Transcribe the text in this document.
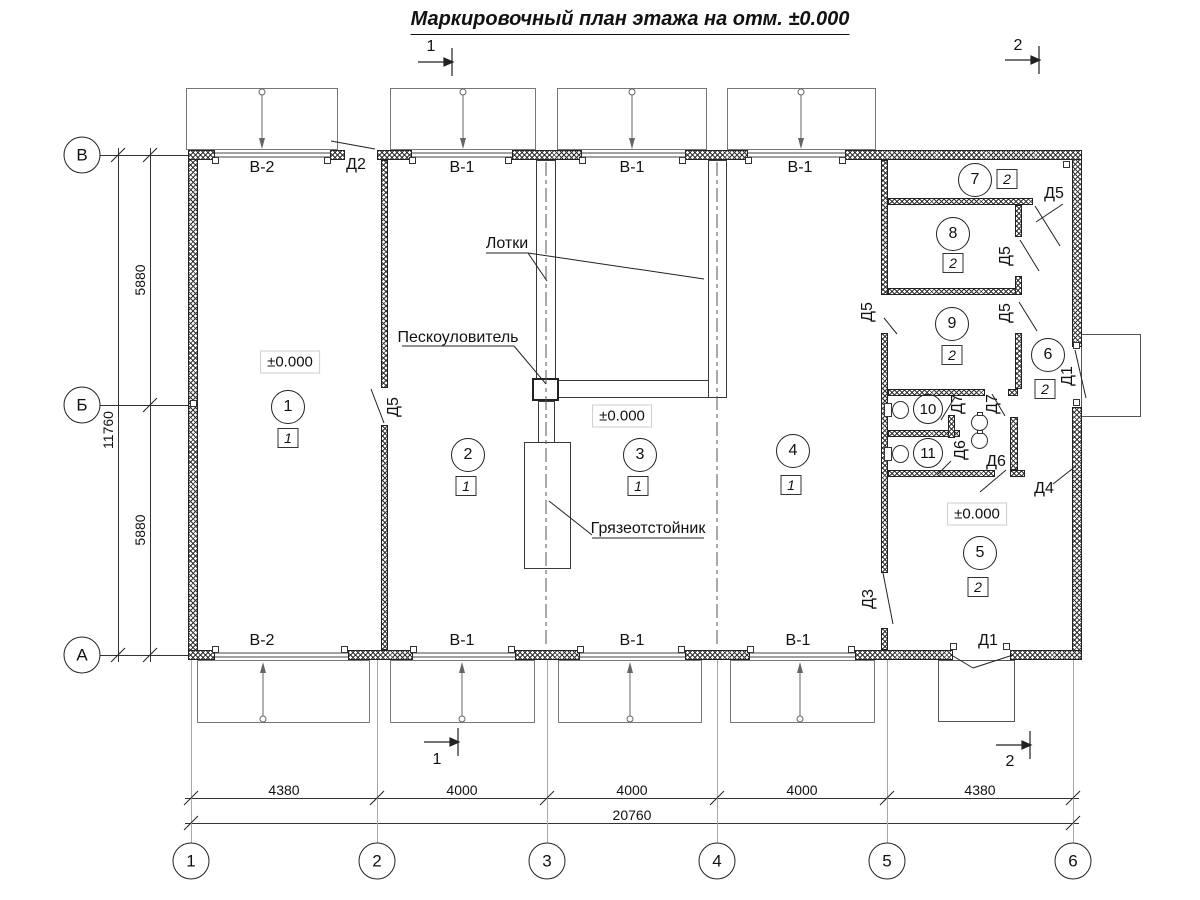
Маркировочный план этажа на отм. ±0.000
1	2
1	2
В-2	В-1	В-1	В-1
В-2	В-1	В-1	В-1
Д2
Д5
Д5
Д5
Д5	Д5
Д7 Д7
Д6
Д6
Д4
Д3
Д1
Д1
Лотки
Пескоуловитель
Грязеотстойник
±0.000
±0.000
±0.000
1
1
2
1
3
1
4
1
5
2
6
2
7	2
8
2
9
2
10
11
В
Б
А
1	2	3	4	5	6
5880
5880
11760
4380	4000	4000	4000	4380
20760
